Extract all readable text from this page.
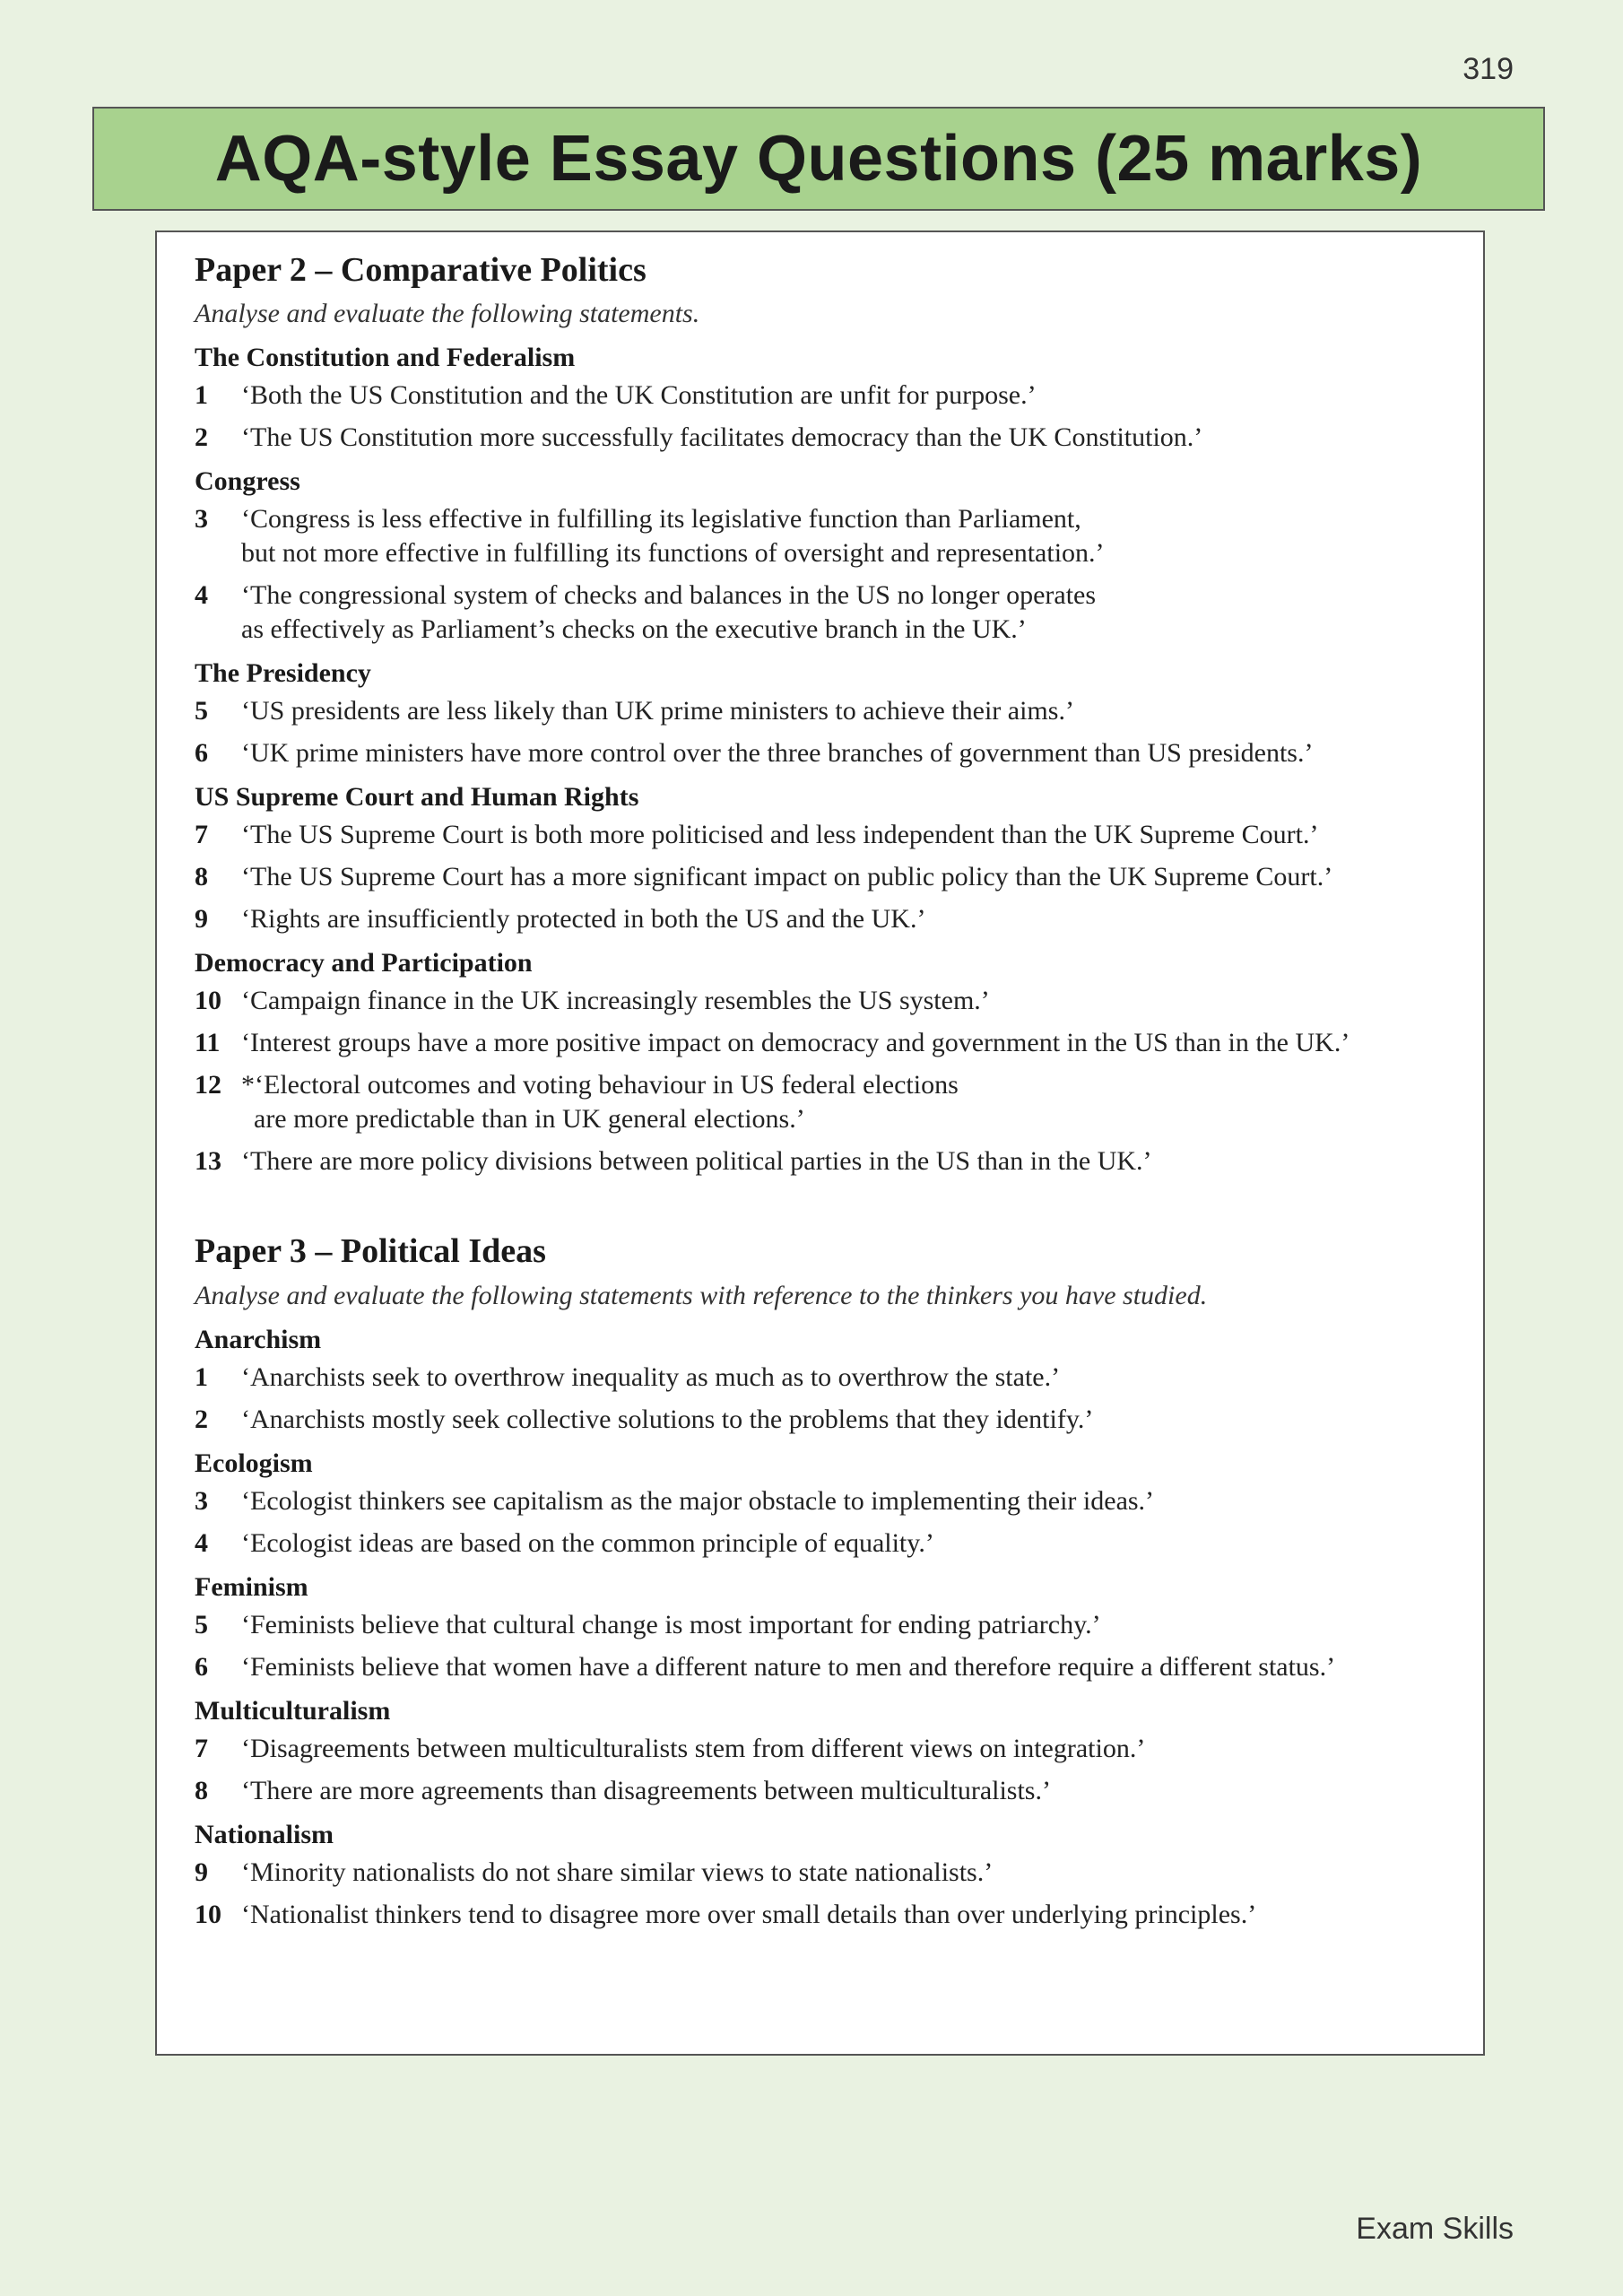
319
AQA-style Essay Questions (25 marks)
Paper 2 – Comparative Politics

Analyse and evaluate the following statements.

The Constitution and Federalism
1	‘Both the US Constitution and the UK Constitution are unfit for purpose.’
2	‘The US Constitution more successfully facilitates democracy than the UK Constitution.’
Congress
3	‘Congress is less effective in fulfilling its legislative function than Parliament,
but not more effective in fulfilling its functions of oversight and representation.’
4	‘The congressional system of checks and balances in the US no longer operates
as effectively as Parliament’s checks on the executive branch in the UK.’
The Presidency
5	‘US presidents are less likely than UK prime ministers to achieve their aims.’
6	‘UK prime ministers have more control over the three branches of government than US presidents.’
US Supreme Court and Human Rights
7	‘The US Supreme Court is both more politicised and less independent than the UK Supreme Court.’
8	‘The US Supreme Court has a more significant impact on public policy than the UK Supreme Court.’
9	‘Rights are insufficiently protected in both the US and the UK.’
Democracy and Participation
10 ‘Campaign finance in the UK increasingly resembles the US system.’
11 ‘Interest groups have a more positive impact on democracy and government in the US than in the UK.’
12 *‘Electoral outcomes and voting behaviour in US federal elections
are more predictable than in UK general elections.’
13 ‘There are more policy divisions between political parties in the US than in the UK.’
Paper 3 – Political Ideas

Analyse and evaluate the following statements with reference to the thinkers you have studied.

Anarchism
1	‘Anarchists seek to overthrow inequality as much as to overthrow the state.’
2	‘Anarchists mostly seek collective solutions to the problems that they identify.’
Ecologism
3	‘Ecologist thinkers see capitalism as the major obstacle to implementing their ideas.’
4	‘Ecologist ideas are based on the common principle of equality.’
Feminism
5	‘Feminists believe that cultural change is most important for ending patriarchy.’
6	‘Feminists believe that women have a different nature to men and therefore require a different status.’
Multiculturalism
7	‘Disagreements between multiculturalists stem from different views on integration.’
8	‘There are more agreements than disagreements between multiculturalists.’
Nationalism
9	‘Minority nationalists do not share similar views to state nationalists.’
10 ‘Nationalist thinkers tend to disagree more over small details than over underlying principles.’
Exam Skills
